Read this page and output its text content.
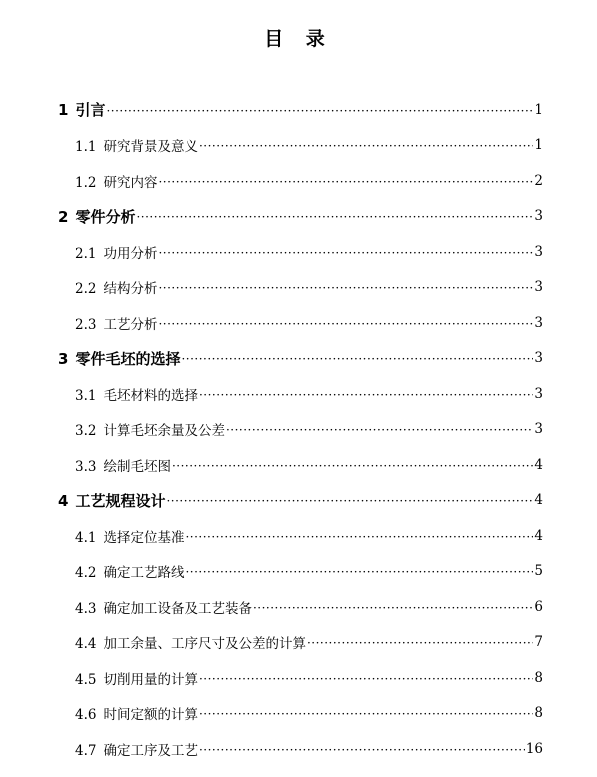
目 录
1 引言 ·····	1
1.1 研究背景及意义 ·····	1
1.2 研究内容 ·····	2
2 零件分析 ·····	3
2.1 功用分析 ·····	3
2.2 结构分析 ·····	3
2.3 工艺分析 ·····	3
3 零件毛坯的选择 ·····	3
3.1 毛坯材料的选择 ·····	3
3.2 计算毛坯余量及公差 ·····	3
3.3 绘制毛坯图 ·····	4
4 工艺规程设计 ·····	4
4.1 选择定位基准 ·····	4
4.2 确定工艺路线 ·····	5
4.3 确定加工设备及工艺装备 ·····	6
4.4 加工余量、工序尺寸及公差的计算 ·····	7
4.5 切削用量的计算 ·····	8
4.6 时间定额的计算 ·····	8
4.7 确定工序及工艺 ·····	16
